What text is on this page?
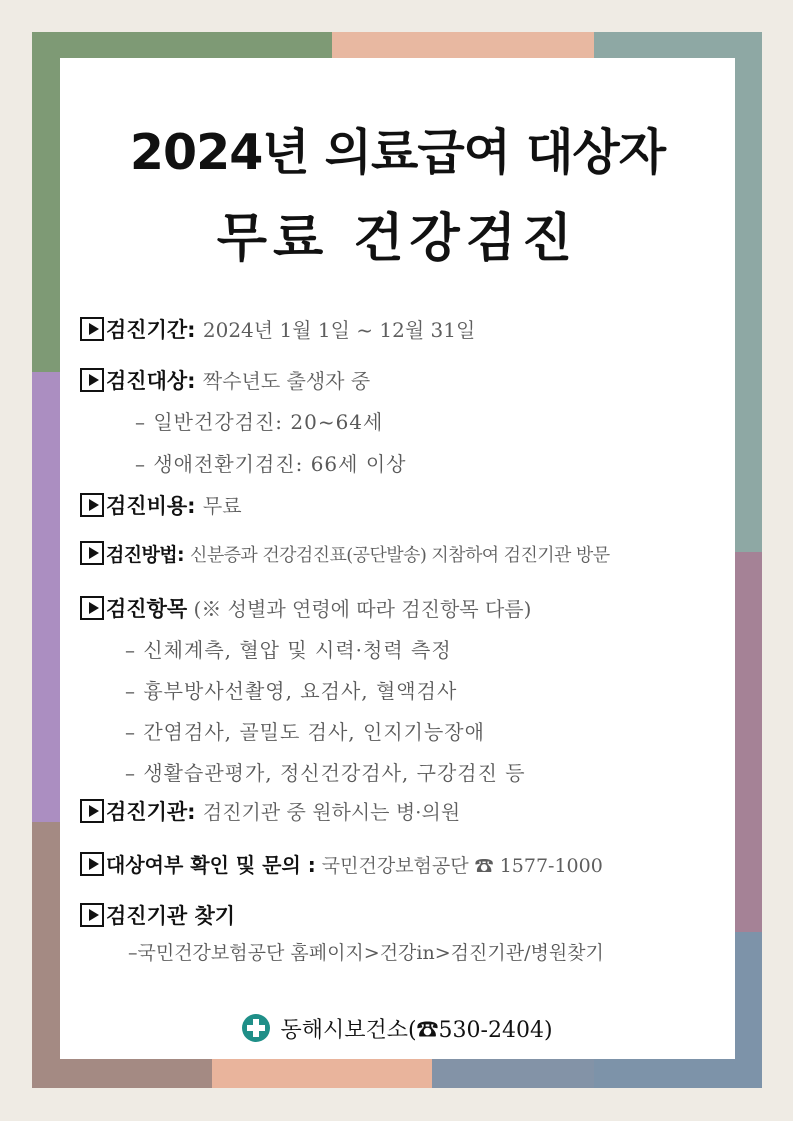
2024년 의료급여 대상자
무료 건강검진
검진기간: 2024년 1월 1일 ~ 12월 31일
검진대상: 짝수년도 출생자 중
– 일반건강검진: 20~64세
– 생애전환기검진: 66세 이상
검진비용: 무료
검진방법: 신분증과 건강검진표(공단발송) 지참하여 검진기관 방문
검진항목 (※ 성별과 연령에 따라 검진항목 다름)
– 신체계측, 혈압 및 시력·청력 측정
– 흉부방사선촬영, 요검사, 혈액검사
– 간염검사, 골밀도 검사, 인지기능장애
– 생활습관평가, 정신건강검사, 구강검진 등
검진기관: 검진기관 중 원하시는 병·의원
대상여부 확인 및 문의 : 국민건강보험공단 ☎ 1577-1000
검진기관 찾기
–국민건강보험공단 홈페이지>건강in>검진기관/병원찾기
동해시보건소(☎530-2404)
